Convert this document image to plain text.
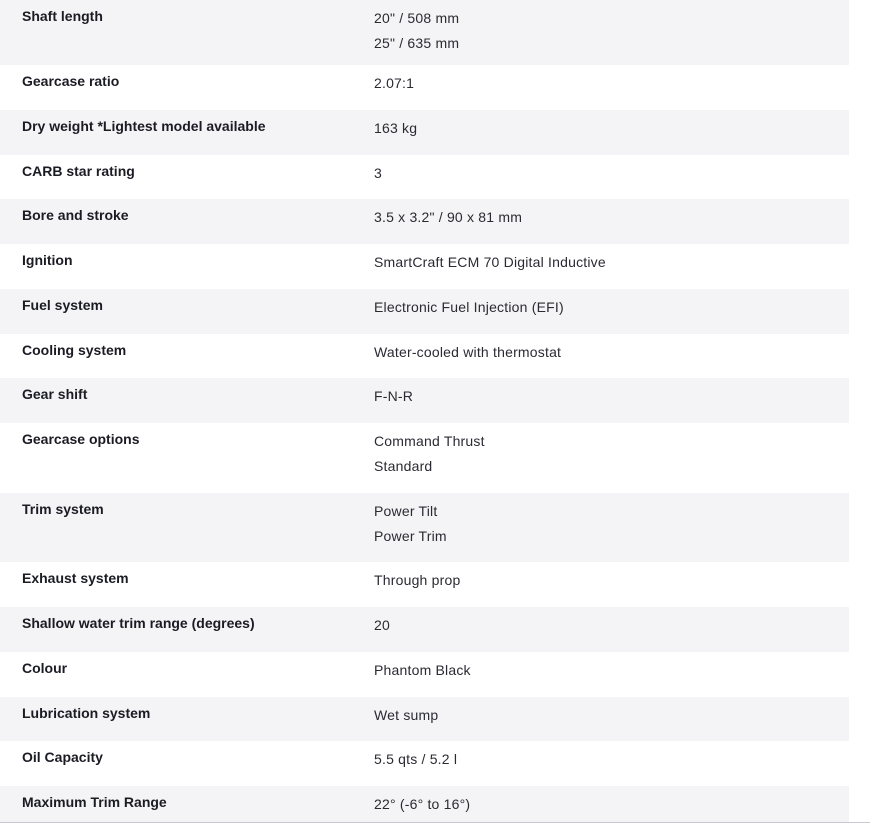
Shaft length	20" / 508 mm
25" / 635 mm
Gearcase ratio	2.07:1
Dry weight *Lightest model available	163 kg
CARB star rating	3
Bore and stroke	3.5 x 3.2" / 90 x 81 mm
Ignition	SmartCraft ECM 70 Digital Inductive
Fuel system	Electronic Fuel Injection (EFI)
Cooling system	Water-cooled with thermostat
Gear shift	F-N-R
Gearcase options	Command Thrust
Standard
Trim system	Power Tilt
Power Trim
Exhaust system	Through prop
Shallow water trim range (degrees)	20
Colour	Phantom Black
Lubrication system	Wet sump
Oil Capacity	5.5 qts / 5.2 l
Maximum Trim Range	22° (-6° to 16°)
